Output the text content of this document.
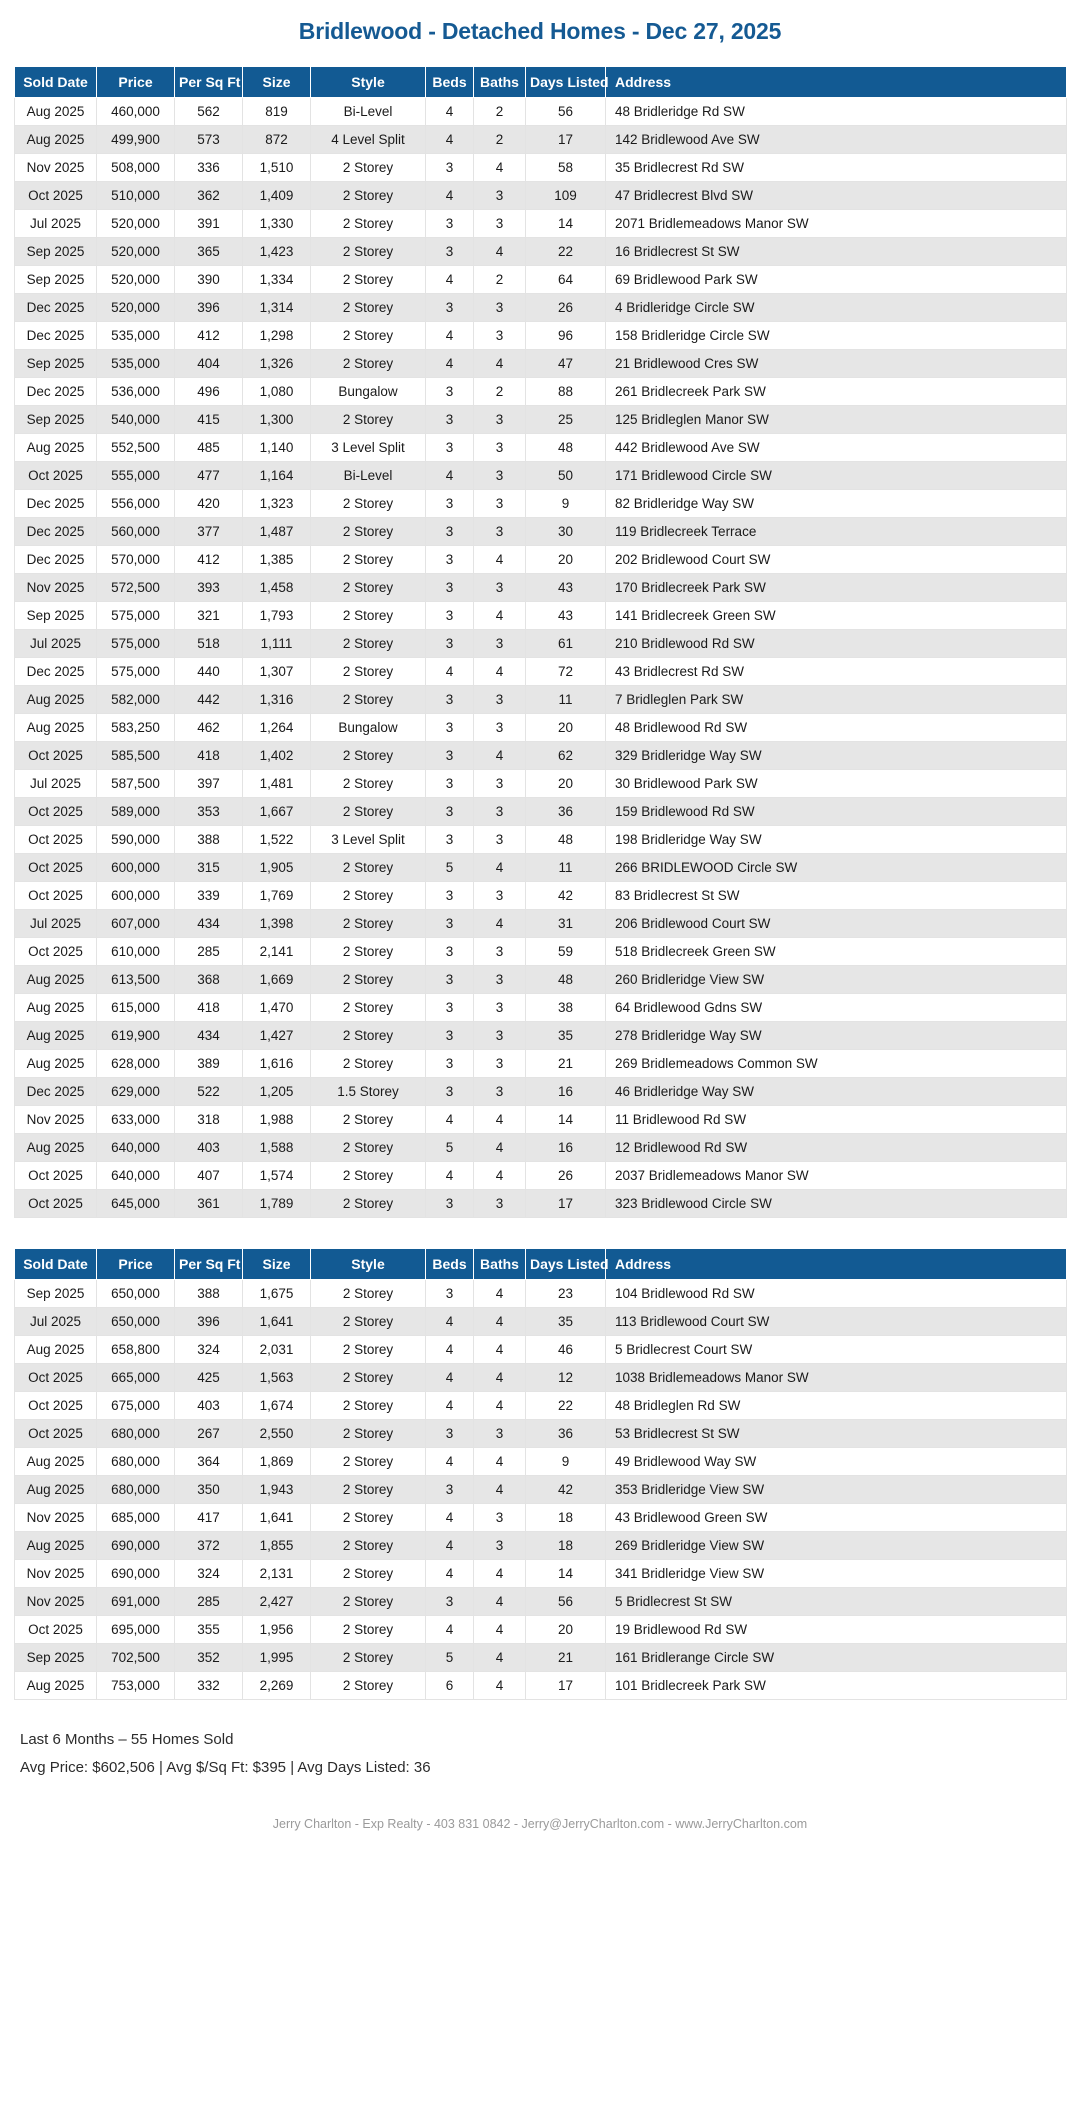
Bridlewood - Detached Homes - Dec 27, 2025
Sold Date	Price	Per Sq Ft	Size	Style	Beds	Baths	Days Listed	Address
Aug 2025	460,000	562	819	Bi-Level	4	2	56	48 Bridleridge Rd SW
Aug 2025	499,900	573	872	4 Level Split	4	2	17	142 Bridlewood Ave SW
Nov 2025	508,000	336	1,510	2 Storey	3	4	58	35 Bridlecrest Rd SW
Oct 2025	510,000	362	1,409	2 Storey	4	3	109	47 Bridlecrest Blvd SW
Jul 2025	520,000	391	1,330	2 Storey	3	3	14	2071 Bridlemeadows Manor SW
Sep 2025	520,000	365	1,423	2 Storey	3	4	22	16 Bridlecrest St SW
Sep 2025	520,000	390	1,334	2 Storey	4	2	64	69 Bridlewood Park SW
Dec 2025	520,000	396	1,314	2 Storey	3	3	26	4 Bridleridge Circle SW
Dec 2025	535,000	412	1,298	2 Storey	4	3	96	158 Bridleridge Circle SW
Sep 2025	535,000	404	1,326	2 Storey	4	4	47	21 Bridlewood Cres SW
Dec 2025	536,000	496	1,080	Bungalow	3	2	88	261 Bridlecreek Park SW
Sep 2025	540,000	415	1,300	2 Storey	3	3	25	125 Bridleglen Manor SW
Aug 2025	552,500	485	1,140	3 Level Split	3	3	48	442 Bridlewood Ave SW
Oct 2025	555,000	477	1,164	Bi-Level	4	3	50	171 Bridlewood Circle SW
Dec 2025	556,000	420	1,323	2 Storey	3	3	9	82 Bridleridge Way SW
Dec 2025	560,000	377	1,487	2 Storey	3	3	30	119 Bridlecreek Terrace
Dec 2025	570,000	412	1,385	2 Storey	3	4	20	202 Bridlewood Court SW
Nov 2025	572,500	393	1,458	2 Storey	3	3	43	170 Bridlecreek Park SW
Sep 2025	575,000	321	1,793	2 Storey	3	4	43	141 Bridlecreek Green SW
Jul 2025	575,000	518	1,111	2 Storey	3	3	61	210 Bridlewood Rd SW
Dec 2025	575,000	440	1,307	2 Storey	4	4	72	43 Bridlecrest Rd SW
Aug 2025	582,000	442	1,316	2 Storey	3	3	11	7 Bridleglen Park SW
Aug 2025	583,250	462	1,264	Bungalow	3	3	20	48 Bridlewood Rd SW
Oct 2025	585,500	418	1,402	2 Storey	3	4	62	329 Bridleridge Way SW
Jul 2025	587,500	397	1,481	2 Storey	3	3	20	30 Bridlewood Park SW
Oct 2025	589,000	353	1,667	2 Storey	3	3	36	159 Bridlewood Rd SW
Oct 2025	590,000	388	1,522	3 Level Split	3	3	48	198 Bridleridge Way SW
Oct 2025	600,000	315	1,905	2 Storey	5	4	11	266 BRIDLEWOOD Circle SW
Oct 2025	600,000	339	1,769	2 Storey	3	3	42	83 Bridlecrest St SW
Jul 2025	607,000	434	1,398	2 Storey	3	4	31	206 Bridlewood Court SW
Oct 2025	610,000	285	2,141	2 Storey	3	3	59	518 Bridlecreek Green SW
Aug 2025	613,500	368	1,669	2 Storey	3	3	48	260 Bridleridge View SW
Aug 2025	615,000	418	1,470	2 Storey	3	3	38	64 Bridlewood Gdns SW
Aug 2025	619,900	434	1,427	2 Storey	3	3	35	278 Bridleridge Way SW
Aug 2025	628,000	389	1,616	2 Storey	3	3	21	269 Bridlemeadows Common SW
Dec 2025	629,000	522	1,205	1.5 Storey	3	3	16	46 Bridleridge Way SW
Nov 2025	633,000	318	1,988	2 Storey	4	4	14	11 Bridlewood Rd SW
Aug 2025	640,000	403	1,588	2 Storey	5	4	16	12 Bridlewood Rd SW
Oct 2025	640,000	407	1,574	2 Storey	4	4	26	2037 Bridlemeadows Manor SW
Oct 2025	645,000	361	1,789	2 Storey	3	3	17	323 Bridlewood Circle SW
Sold Date	Price	Per Sq Ft	Size	Style	Beds	Baths	Days Listed	Address
Sep 2025	650,000	388	1,675	2 Storey	3	4	23	104 Bridlewood Rd SW
Jul 2025	650,000	396	1,641	2 Storey	4	4	35	113 Bridlewood Court SW
Aug 2025	658,800	324	2,031	2 Storey	4	4	46	5 Bridlecrest Court SW
Oct 2025	665,000	425	1,563	2 Storey	4	4	12	1038 Bridlemeadows Manor SW
Oct 2025	675,000	403	1,674	2 Storey	4	4	22	48 Bridleglen Rd SW
Oct 2025	680,000	267	2,550	2 Storey	3	3	36	53 Bridlecrest St SW
Aug 2025	680,000	364	1,869	2 Storey	4	4	9	49 Bridlewood Way SW
Aug 2025	680,000	350	1,943	2 Storey	3	4	42	353 Bridleridge View SW
Nov 2025	685,000	417	1,641	2 Storey	4	3	18	43 Bridlewood Green SW
Aug 2025	690,000	372	1,855	2 Storey	4	3	18	269 Bridleridge View SW
Nov 2025	690,000	324	2,131	2 Storey	4	4	14	341 Bridleridge View SW
Nov 2025	691,000	285	2,427	2 Storey	3	4	56	5 Bridlecrest St SW
Oct 2025	695,000	355	1,956	2 Storey	4	4	20	19 Bridlewood Rd SW
Sep 2025	702,500	352	1,995	2 Storey	5	4	21	161 Bridlerange Circle SW
Aug 2025	753,000	332	2,269	2 Storey	6	4	17	101 Bridlecreek Park SW
Last 6 Months – 55 Homes Sold
Avg Price: $602,506 | Avg $/Sq Ft: $395 | Avg Days Listed: 36
Jerry Charlton - Exp Realty - 403 831 0842 - Jerry@JerryCharlton.com - www.JerryCharlton.com
